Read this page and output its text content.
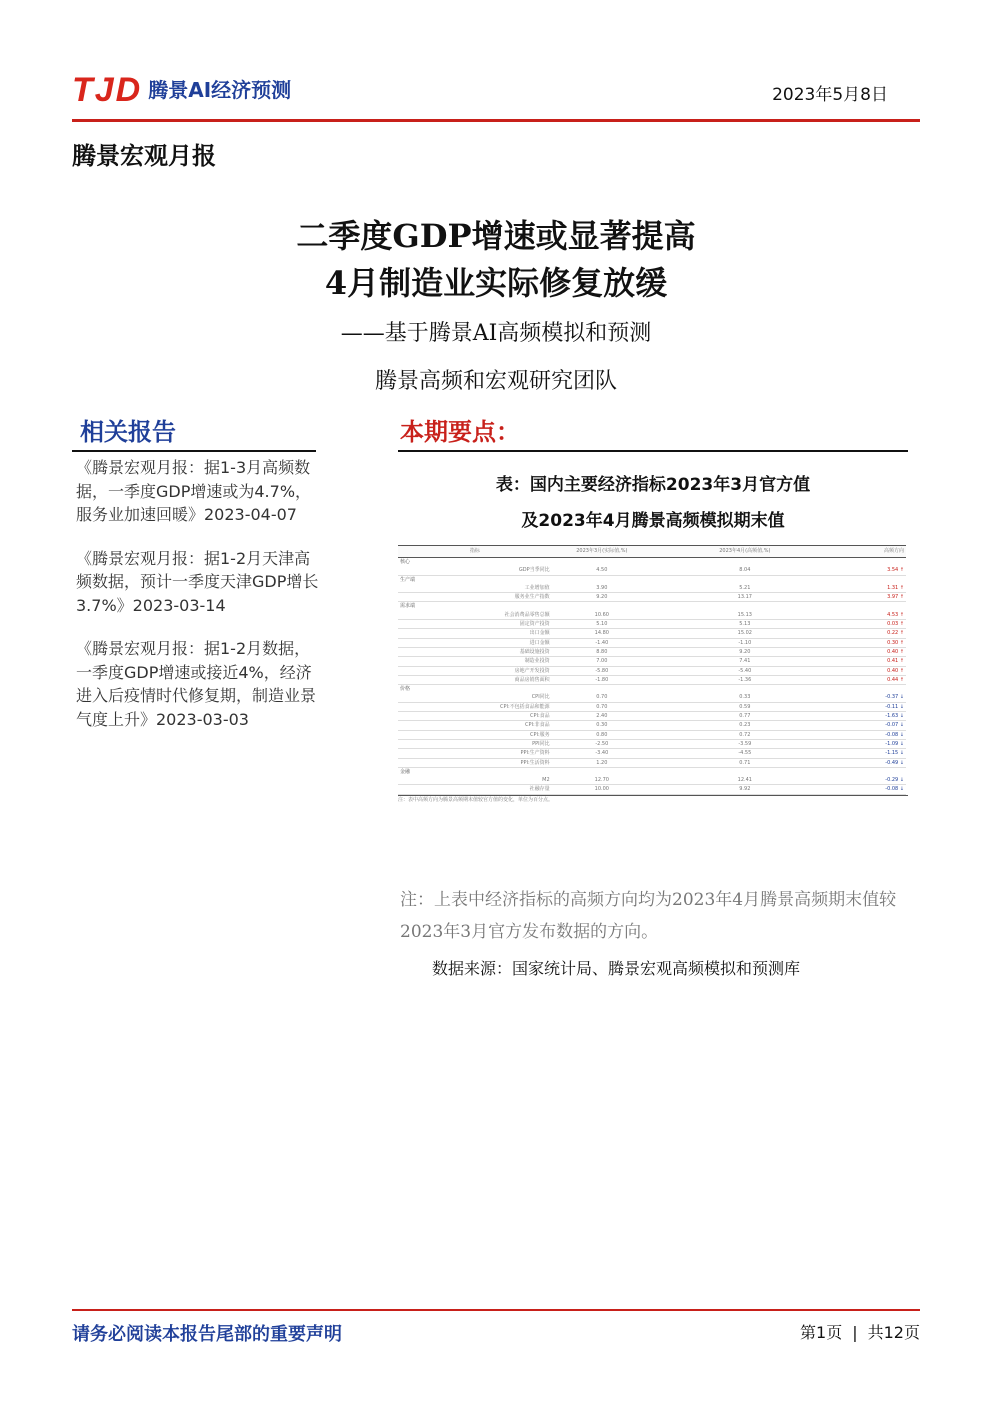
TJD 腾景AI经济预测	2023年5月8日
腾景宏观月报
二季度GDP增速或显著提高
4月制造业实际修复放缓
——基于腾景AI高频模拟和预测
腾景高频和宏观研究团队
相关报告
《腾景宏观月报：据1-3月高频数据，一季度GDP增速或为4.7%，服务业加速回暖》2023-04-07
《腾景宏观月报：据1-2月天津高频数据，预计一季度天津GDP增长3.7%》2023-03-14
《腾景宏观月报：据1-2月数据，一季度GDP增速或接近4%，经济进入后疫情时代修复期，制造业景气度上升》2023-03-03
本期要点：
表：国内主要经济指标2023年3月官方值
及2023年4月腾景高频模拟期末值
指标	2023年3月(实际值,%)	2023年4月(高频值,%)	高频方向
核心			
GDP当季同比	4.50	8.04	3.54 ↑
生产端			
工业增加值	3.90	5.21	1.31 ↑
服务业生产指数	9.20	13.17	3.97 ↑
需求端			
社会消费品零售总额	10.60	15.13	4.53 ↑
固定资产投资	5.10	5.13	0.03 ↑
出口金额	14.80	15.02	0.22 ↑
进口金额	-1.40	-1.10	0.30 ↑
基础设施投资	8.80	9.20	0.40 ↑
制造业投资	7.00	7.41	0.41 ↑
房地产开发投资	-5.80	-5.40	0.40 ↑
商品房销售面积	-1.80	-1.36	0.44 ↑
价格			
CPI同比	0.70	0.33	-0.37 ↓
CPI:不包括食品和能源	0.70	0.59	-0.11 ↓
CPI:食品	2.40	0.77	-1.63 ↓
CPI:非食品	0.30	0.23	-0.07 ↓
CPI:服务	0.80	0.72	-0.08 ↓
PPI同比	-2.50	-3.59	-1.09 ↓
PPI:生产资料	-3.40	-4.55	-1.15 ↓
PPI:生活资料	1.20	0.71	-0.49 ↓
金融			
M2	12.70	12.41	-0.29 ↓
社融存量	10.00	9.92	-0.08 ↓
注：表中高频方向为腾景高频期末值较官方值的变化，单位为百分点。
注：上表中经济指标的高频方向均为2023年4月腾景高频期末值较2023年3月官方发布数据的方向。
数据来源：国家统计局、腾景宏观高频模拟和预测库
请务必阅读本报告尾部的重要声明	第1页 | 共12页
